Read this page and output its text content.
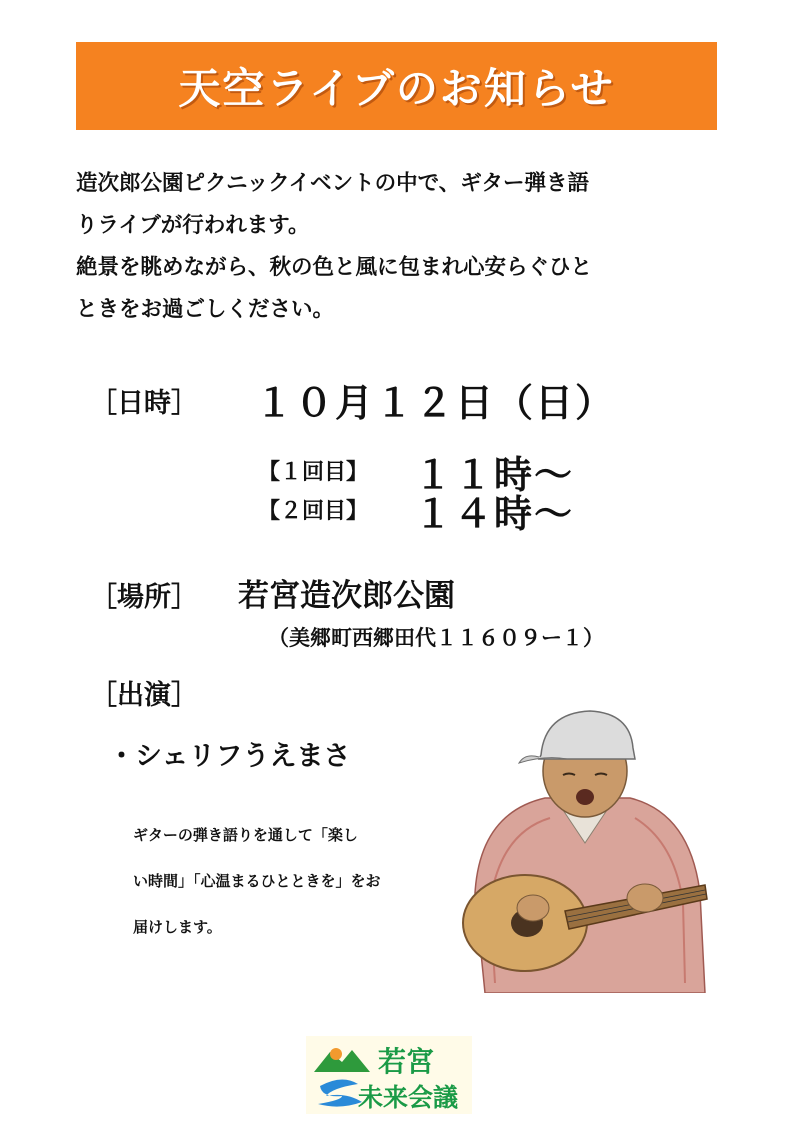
天空ライブのお知らせ

造次郎公園ピクニックイベントの中で、ギター弾き語

りライブが行われます。

絶景を眺めながら、秋の色と風に包まれ心安らぐひと

ときをお過ごしください。

［日時］ １０月１２日（日）
【１回目】 １１時～
【２回目】 １４時～
［場所］ 若宮造次郎公園
（美郷町西郷田代１１６０９ー１）
［出演］
・シェリフうえまさ

ギターの弾き語りを通して「楽し

い時間」「心温まるひとときを」をお

届けします。

若宮
未来会議
